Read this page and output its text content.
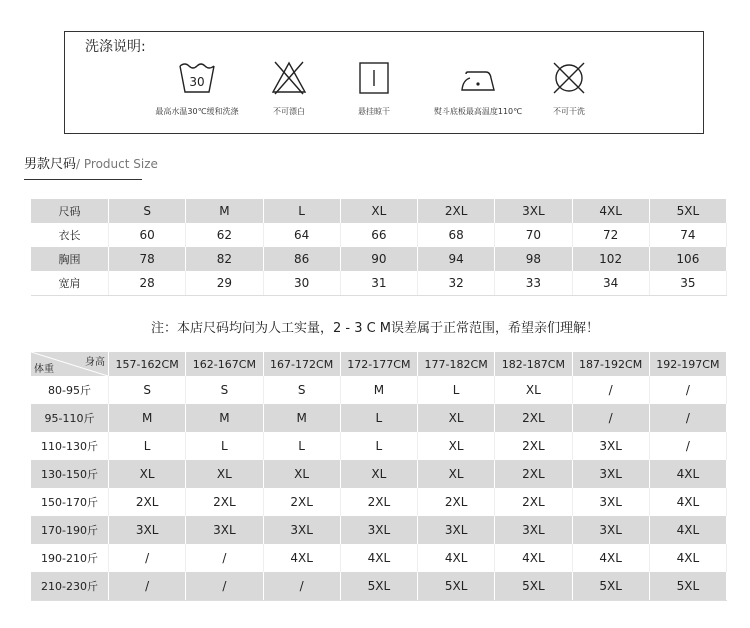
洗涤说明:
30
最高水温30℃缓和洗涤	不可漂白	悬挂晾干	熨斗底板最高温度110℃	不可干洗
男款尺码/ Product Size
尺码	S	M	L	XL	2XL	3XL	4XL	5XL
衣长	60	62	64	66	68	70	72	74
胸围	78	82	86	90	94	98	102	106
宽肩	28	29	30	31	32	33	34	35
注：本店尺码均问为人工实量，2 - 3 C M误差属于正常范围，希望亲们理解！
身高
体重	157-162CM	162-167CM	167-172CM	172-177CM	177-182CM	182-187CM	187-192CM	192-197CM
80-95斤	S	S	S	M	L	XL	/	/
95-110斤	M	M	M	L	XL	2XL	/	/
110-130斤	L	L	L	L	XL	2XL	3XL	/
130-150斤	XL	XL	XL	XL	XL	2XL	3XL	4XL
150-170斤	2XL	2XL	2XL	2XL	2XL	2XL	3XL	4XL
170-190斤	3XL	3XL	3XL	3XL	3XL	3XL	3XL	4XL
190-210斤	/	/	4XL	4XL	4XL	4XL	4XL	4XL
210-230斤	/	/	/	5XL	5XL	5XL	5XL	5XL
